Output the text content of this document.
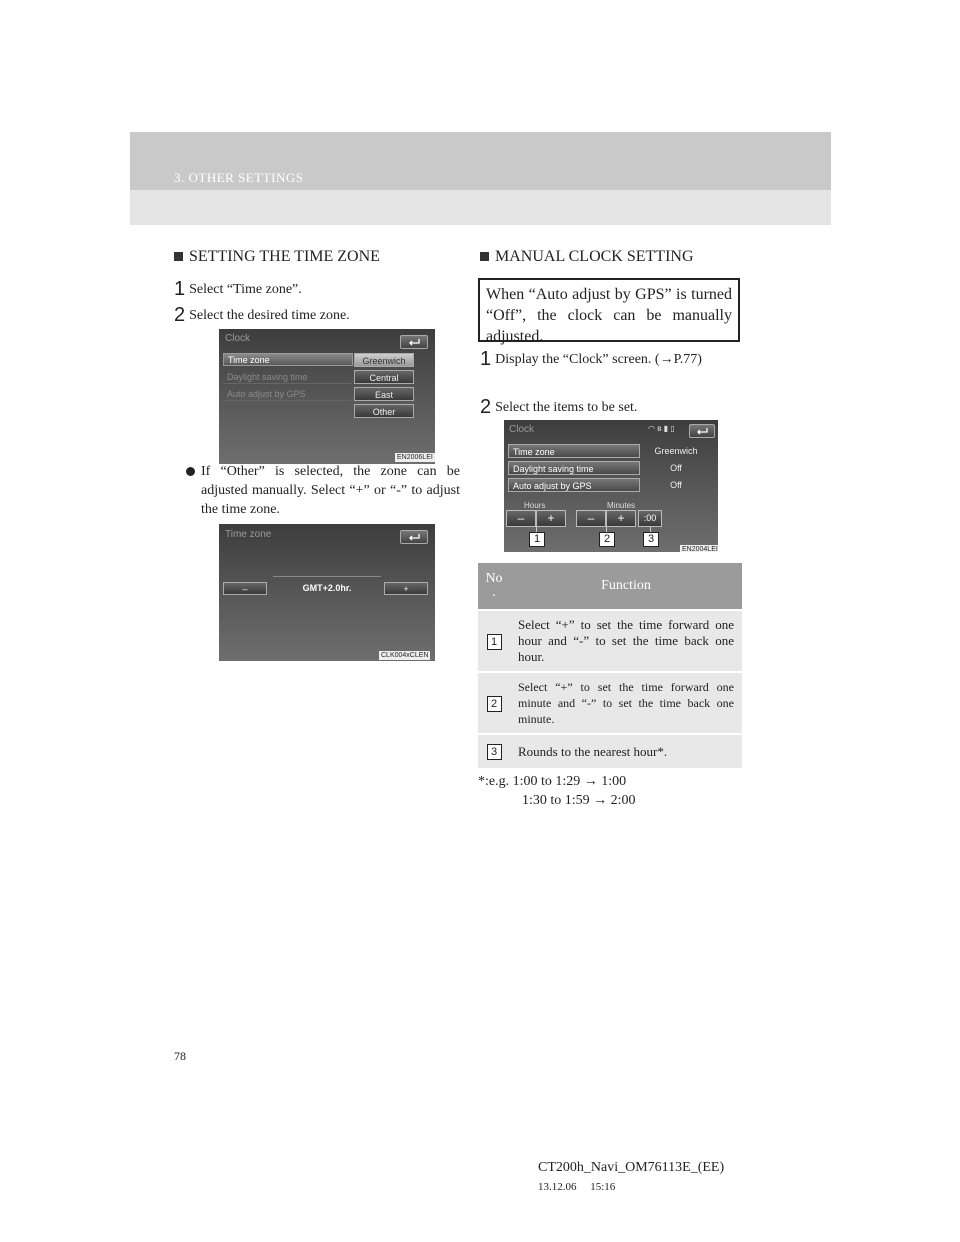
3. OTHER SETTINGS
SETTING THE TIME ZONE
1 Select “Time zone”.
2 Select the desired time zone.
Clock
Time zone
Daylight saving time
Auto adjust by GPS
Greenwich
Central
East
Other
EN2006LEI

If “Other” is selected, the zone can be adjusted manually. Select “+” or “-” to adjust the time zone.

Time zone
–	GMT+2.0hr.	+
CLK004xCLEN
MANUAL CLOCK SETTING
When “Auto adjust by GPS” is turned “Off”, the clock can be manually adjusted.
1 Display the “Clock” screen. (→P.77)
2 Select the items to be set.
Clock	◠ ʙ ▮ ▯
Time zone	Greenwich
Daylight saving time	Off
Auto adjust by GPS	Off
Hours	Minutes
–	+	–	+	:00
1	2	3
EN2004LEI
No
.	Function
1	Select “+” to set the time forward one hour and “-” to set the time back one hour.
2	Select “+” to set the time forward one minute and “-” to set the time back one minute.
3	Rounds to the nearest hour*.
*:e.g. 1:00 to 1:29 → 1:00
1:30 to 1:59 → 2:00
78
CT200h_Navi_OM76113E_(EE)
13.12.06     15:16
